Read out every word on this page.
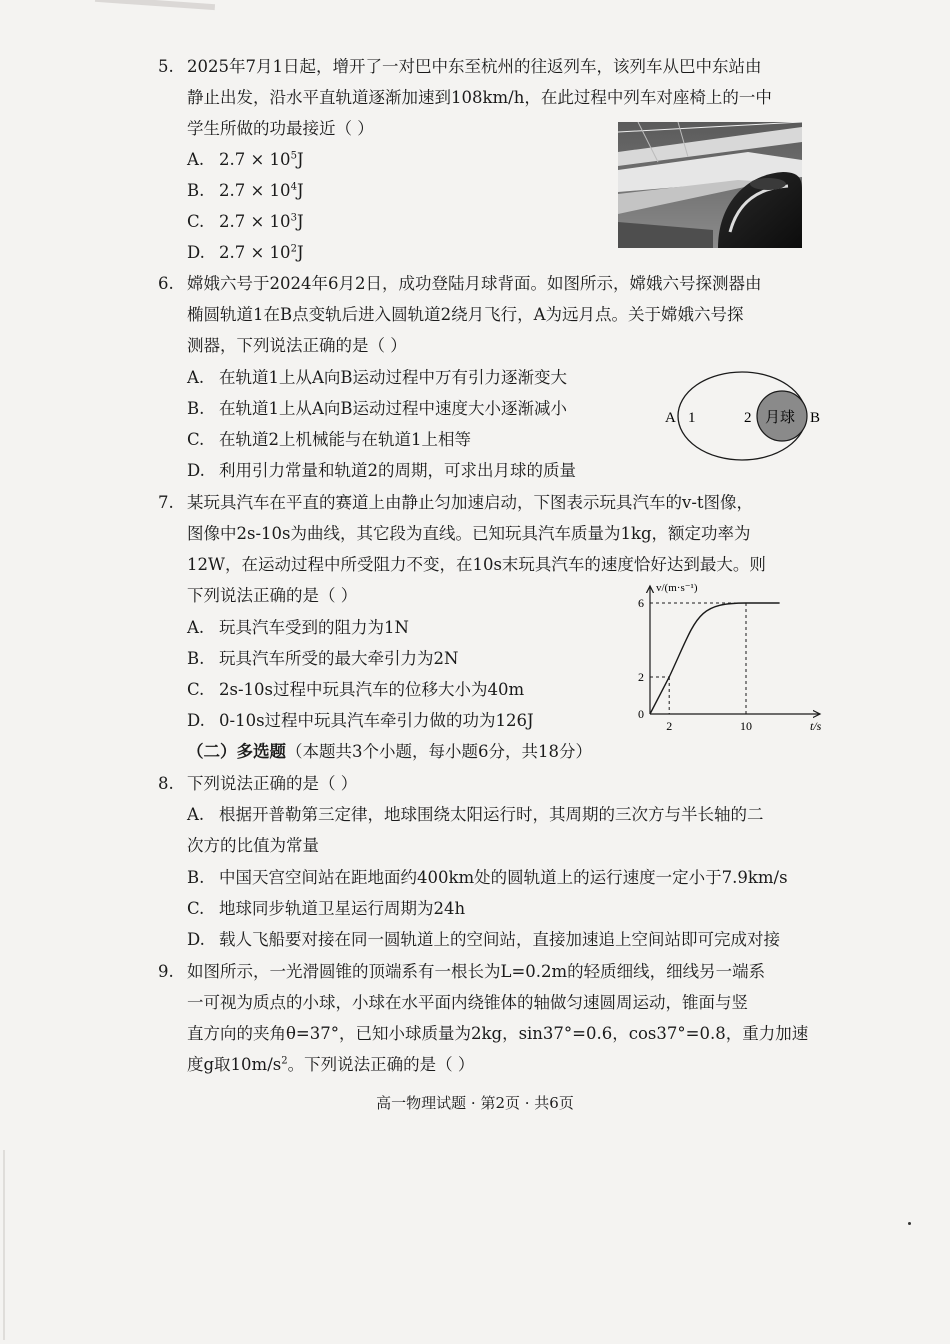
5. 2025年7月1日起，增开了一对巴中东至杭州的往返列车，该列车从巴中东站由
静止出发，沿水平直轨道逐渐加速到108km/h，在此过程中列车对座椅上的一中
学生所做的功最接近（ ）
A. $2.7 \times 10^5J$
B. $2.7 \times 10^4J$
C. $2.7 \times 10^3J$
D. $2.7 \times 10^2J$
6. 嫦娥六号于2024年6月2日，成功登陆月球背面。如图所示，嫦娥六号探测器由
椭圆轨道1在B点变轨后进入圆轨道2绕月飞行，A为远月点。关于嫦娥六号探
测器，下列说法正确的是（ ）
A. 在轨道1上从A向B运动过程中万有引力逐渐变大
B. 在轨道1上从A向B运动过程中速度大小逐渐减小
C. 在轨道2上机械能与在轨道1上相等
D. 利用引力常量和轨道2的周期，可求出月球的质量
A 1	2 月球 B
7. 某玩具汽车在平直的赛道上由静止匀加速启动，下图表示玩具汽车的v-t图像，
图像中2s-10s为曲线，其它段为直线。已知玩具汽车质量为1kg，额定功率为
12W，在运动过程中所受阻力不变，在10s末玩具汽车的速度恰好达到最大。则
下列说法正确的是（ ）
A. 玩具汽车受到的阻力为1N
B. 玩具汽车所受的最大牵引力为2N
C. 2s-10s过程中玩具汽车的位移大小为40m
D. 0-10s过程中玩具汽车牵引力做的功为126J
v/(m·s⁻¹)
t/s
0
2	10
2
6
（二）多选题（本题共3个小题，每小题6分，共18分）
8. 下列说法正确的是（ ）
A. 根据开普勒第三定律，地球围绕太阳运行时，其周期的三次方与半长轴的二
次方的比值为常量
B. 中国天宫空间站在距地面约400km处的圆轨道上的运行速度一定小于7.9km/s
C. 地球同步轨道卫星运行周期为24h
D. 载人飞船要对接在同一圆轨道上的空间站，直接加速追上空间站即可完成对接
9. 如图所示，一光滑圆锥的顶端系有一根长为L=0.2m的轻质细线，细线另一端系
一可视为质点的小球，小球在水平面内绕锥体的轴做匀速圆周运动，锥面与竖
直方向的夹角θ=37°，已知小球质量为2kg，sin37°=0.6，cos37°=0.8，重力加速
度g取$10m/s^2$。下列说法正确的是（ ）
高一物理试题 · 第2页 · 共6页
